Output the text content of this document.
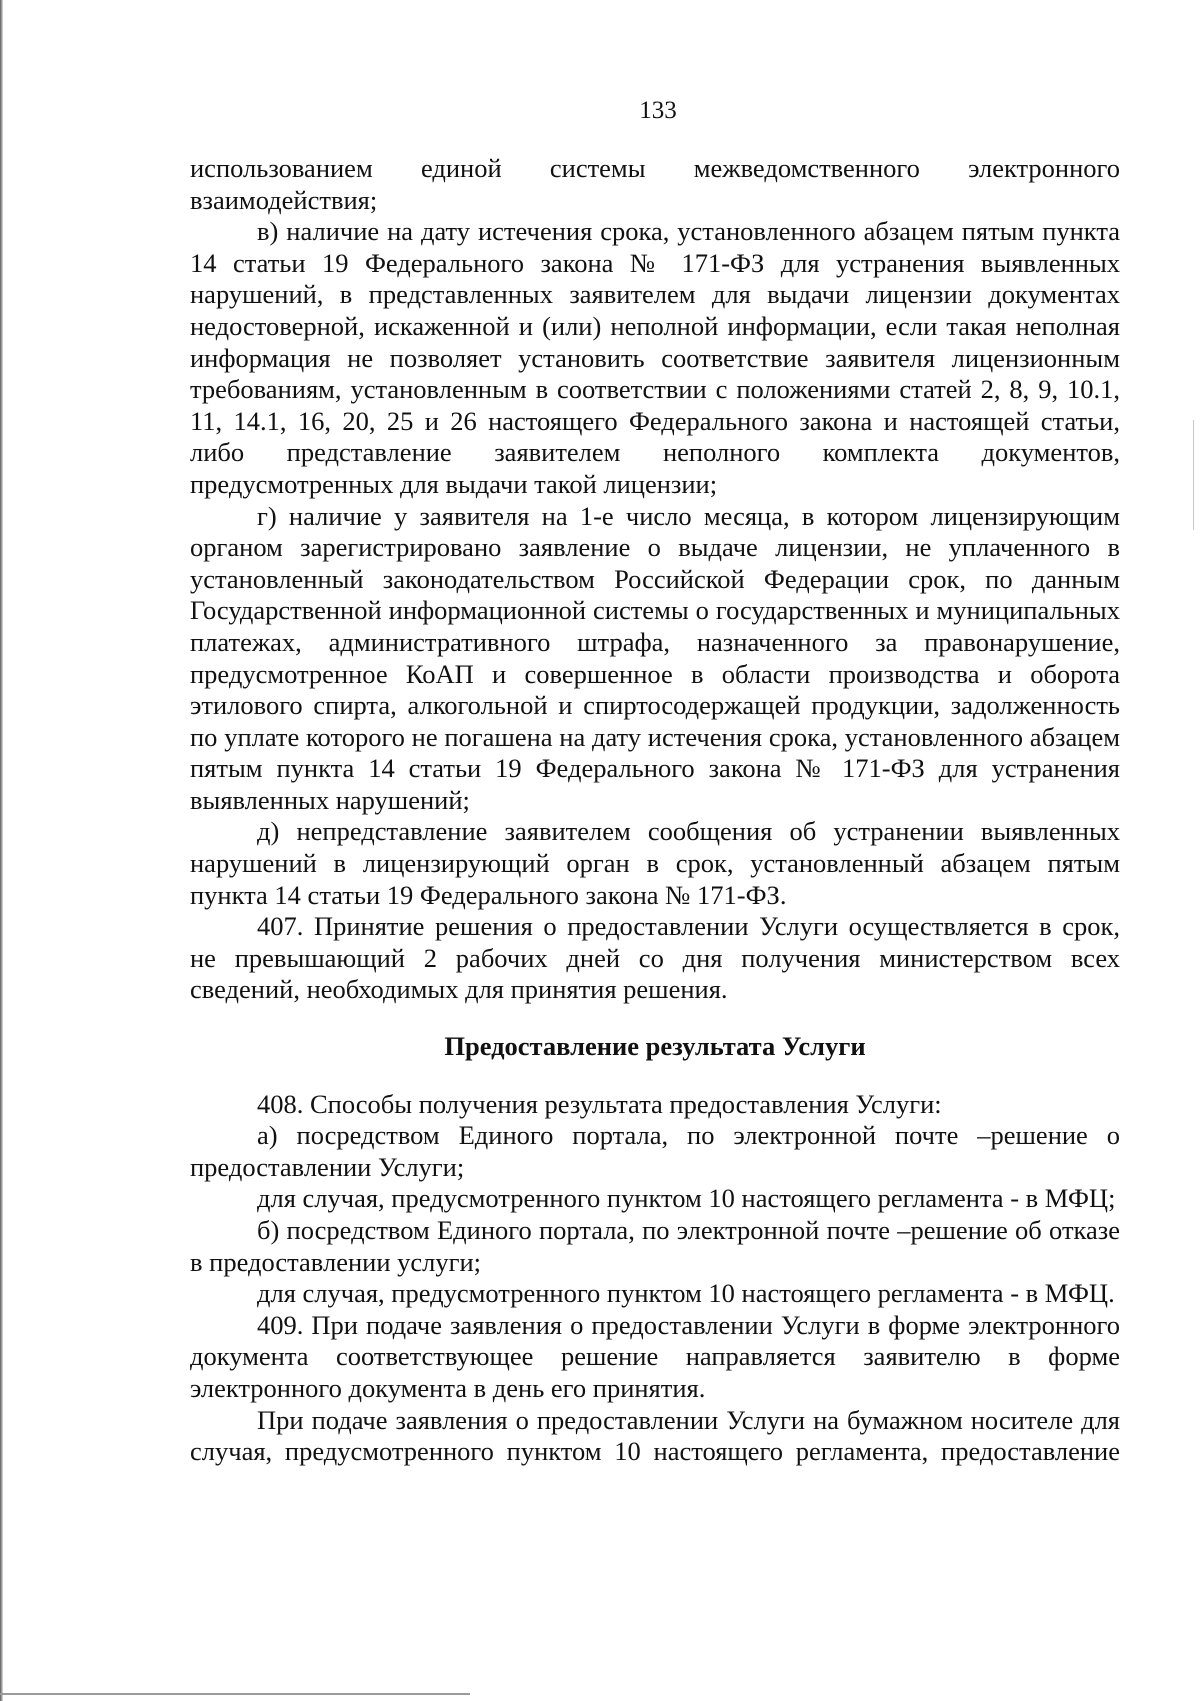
133

использованием единой системы межведомственного электронного взаимодействия;

в) наличие на дату истечения срока, установленного абзацем пятым пункта 14 статьи 19 Федерального закона № 171-ФЗ для устранения выявленных нарушений, в представленных заявителем для выдачи лицензии документах недостоверной, искаженной и (или) неполной информации, если такая неполная информация не позволяет установить соответствие заявителя лицензионным требованиям, установленным в соответствии с положениями статей 2, 8, 9, 10.1, 11, 14.1, 16, 20, 25 и 26 настоящего Федерального закона и настоящей статьи, либо представление заявителем неполного комплекта документов, предусмотренных для выдачи такой лицензии;

г) наличие у заявителя на 1-е число месяца, в котором лицензирующим органом зарегистрировано заявление о выдаче лицензии, не уплаченного в установленный законодательством Российской Федерации срок, по данным Государственной информационной системы о государственных и муниципальных платежах, административного штрафа, назначенного за правонарушение, предусмотренное КоАП и совершенное в области производства и оборота этилового спирта, алкогольной и спиртосодержащей продукции, задолженность по уплате которого не погашена на дату истечения срока, установленного абзацем пятым пункта 14 статьи 19 Федерального закона № 171-ФЗ для устранения выявленных нарушений;

д) непредставление заявителем сообщения об устранении выявленных нарушений в лицензирующий орган в срок, установленный абзацем пятым пункта 14 статьи 19 Федерального закона № 171-ФЗ.

407. Принятие решения о предоставлении Услуги осуществляется в срок, не превышающий 2 рабочих дней со дня получения министерством всех сведений, необходимых для принятия решения.

Предоставление результата Услуги

408. Способы получения результата предоставления Услуги:

а) посредством Единого портала, по электронной почте –решение о предоставлении Услуги;

для случая, предусмотренного пунктом 10 настоящего регламента - в МФЦ;

б) посредством Единого портала, по электронной почте –решение об отказе в предоставлении услуги;

для случая, предусмотренного пунктом 10 настоящего регламента - в МФЦ.

409. При подаче заявления о предоставлении Услуги в форме электронного документа соответствующее решение направляется заявителю в форме электронного документа в день его принятия.

При подаче заявления о предоставлении Услуги на бумажном носителе для случая, предусмотренного пунктом 10 настоящего регламента, предоставление
